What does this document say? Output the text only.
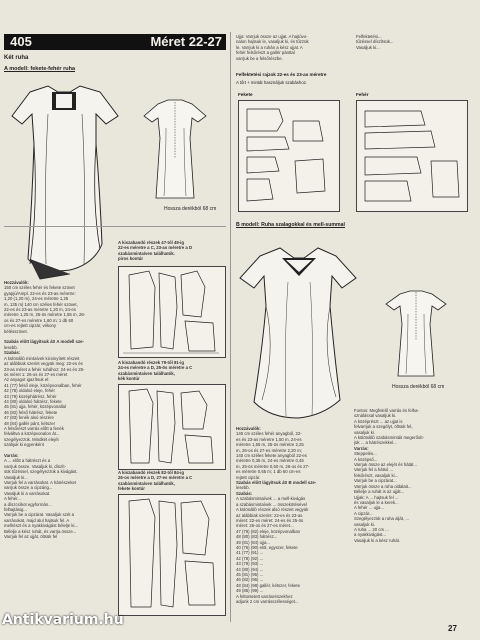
405	Méret 22-27
Két ruha
A modell: fekete-fehér ruha
Hossza derékból 68 cm
Hozzávalók:
150 cm széles fehér és fekete szövet
gyapjú/Ampl. 22-es és 23-as méretre:
1,20 (1,20 m), 24-es méretre 1,25
m, 135 m) 140 cm széles fehér szövet,
22-es és 23-as méretre 1,20 m, 24-es
méretre 1,25 m, 25-ös méretre 1,55 m, 26-
os és 27-es méretre 1,60 m; 1 db 60
cm-es rejtett cipzár, vékony
bélésszövet.

Szabás előtt lágyítsuk át! A modell sze-
lesebb.
Szabás:
A különálló mintaívek kicsinyített részeit
az alábbiak szerint vegyük meg: 22-es és
23-as méret a fehér ruhához; 24-es és 25-
ös méret 1: 26-os és 27-es méret
Az anyagot igazítsuk el:
41 (77) felső eleje, középvonalban, fehér
42 (78) oldalsó eleje, fehér
43 (79) középhátrész, fehér
44 (80) oldalsó hátrész, fekete
45 (81) ujja, fehér, középvonallal
46 (82) felső hátrész, fekete
47 (83) fenék alsó részére
48 (84) gallér pánt, kétszer
A felsőrészt varrás előtt a fenék
felváltva a középvonalon át...
szegélyezzük. Mindkét elejét
szabjuk ki egyenként

Varrás:
A ... előtt a hátrészt és a
varrjuk össze. Vasaljuk ki, díszít-
sük tűzéssel, szegélyezzük a kivágást.
Vasaljuk ki...
Varrjuk fel a varrásokat. A hátrészeket
varrjuk össze a cipzárig...
Vasaljuk ki a varrásokat.
A fehér...
a díszcsíkot egyformán...
felhajtásig...
Varrjuk be a cipzárat. Vasaljuk szét a
varrásokat, majd alul hajtsuk fel. A
mellrészt és a nyakkivágást bélelje ki...
Bélelje a kész ruhát, és varrja össze...
Varrjuk fel az ujját, öltsük fel
A kiszabandó részek 47-től 49-ig
22-es méretre a C, 23-as méretre a D
szabásmintaíven találhatók.
piros kontúr
A kiszabandó részek 79-től 81-ig
24-es méretre a D, 25-ös méretre a C
szabásmintaíven találhatók,
kék kontúr
A kiszabandó részek 82-től 84-ig
26-os méretre a D, 27-es méretre a C
szabásmintaíven találhatók,
fekete kontúr
Ujja: Varrjuk össze az ujjat. A hajtóvo-
nalon hajtsuk le, vasaljuk ki, és tűzzük
le. Varrjuk ki a ruhán a kész ujjat. A
fehér felsőrészt a gallér pánttal
varrjuk be a felsőrészbe.
Felfektetési...
tűzéssel díszítsük...
Vasaljuk ki...
Felfektetési rajzok 22-es és 23-as méretre
A tőrt + mintát használjuk szabáshoz.
Fekete	Fehér
B modell: Ruha szalagokkal és mell-summal
Hossza derékból 68 cm
Hozzávalók:
140 cm széles fehér anyagból, 22-
es és 23-as méretre 1,50 m, 24-es
méretre 1,55 m, 25-ös méretre 2,25
m, 26-os és 27-es méretre 2,20 m;
140 cm széles fekete anyagból 22-es
méretre 0,35 m, 24-es méretre 0,45
m, 25-ös méretre 0,50 m, 26-os és 27-
es méretre 0,65 m; 1 db 60 cm-es
rejtett cipzár.
Szabás előtt lágyítsuk át! B modell sze-
lesebb.
Szabás:
A szabásmintaívek ... a mell-kivágás
a szabásmintaívek ... összekötésével
A különálló részek alsó részeit vegyük
az alábbiak szerint: 22-es és 23-as
méret: 22-es méret: 24-es és 25-ös
méret: 26-os és 27-es méret...
47 (79) (82) eleje, középvonalban
48 (80) (83) hátrész...
49 (81) (84) ujja...
40 (76) (90) elöl, egyszer, fekete
41 (77) (91) ...
42 (78) (92) ...
43 (79) (93) ...
44 (80) (94) ...
45 (81) (95) ...
46 (82) (96) ...
48 (84) (98) gallér, kétszer, fekete
49 (85) (99) ...
A feltüntetett varrásrészekhez
adjunk 2 cm varrásszélességet...
Fontos: Megfelelő varrás és felha-
sználással vasaljuk ki.
A középrészt ... az ujjat is
felvarrjuk a szegélyt, öltsük fel,
vasaljuk ki.
A különálló szabásmintáit megerősít-
jük ... a hátrészekkel...
Varrás:
Steppelés...
A középső...
Varrjuk össze az elejét és hátát...
Varrjuk fel a hátsó ...
felsőrészt, vasaljuk ki...
Varrjuk be a cipzárat...
Varrjuk össze a ruha oldalait...
Bélelje a ruhát is az ujját...
Ujjak: A ... hajtsuk fel ...
és vasaljuk le a kerek...
A fehér ... ujja...
A cipzár...
Szegélyezzük a ruha alját, ...
vasaljuk ki.
A ruha ... 20 cm ...
a nyakkivágást...
Vasaljuk ki a kész ruhát.
Antikvarium.hu
27
